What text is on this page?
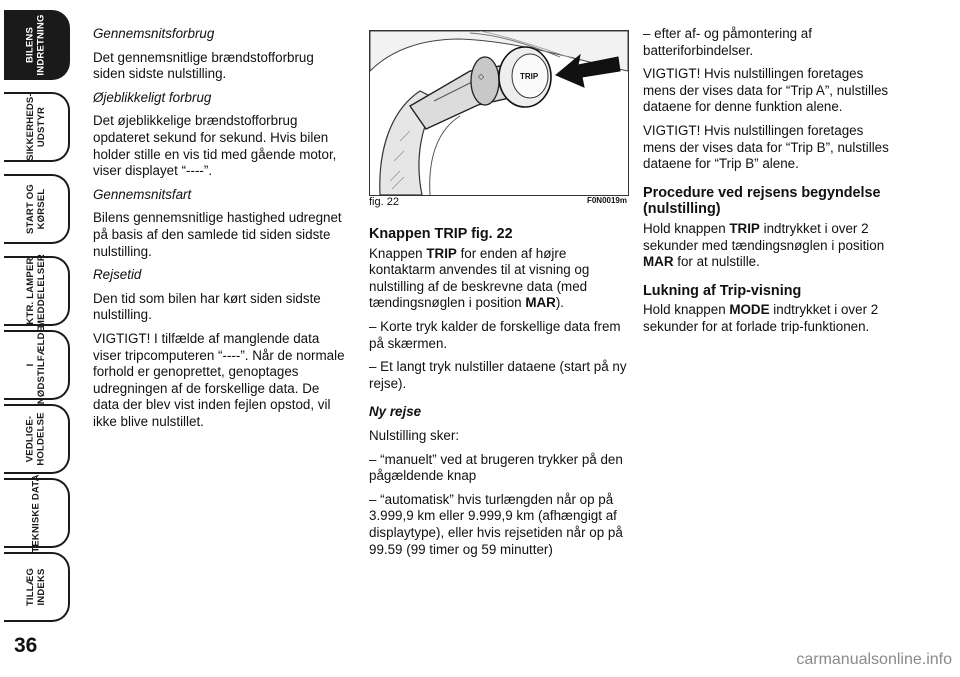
BILENS
INDRETNING
SIKKERHEDS-
UDSTYR
START OG
KØRSEL
KTR. LAMPER
MEDDELELSER
I
NØDSTILFÆLDE
VEDLIGE-
HOLDELSE
TEKNISKE DATA
TILLÆG
INDEKS
36

Gennemsnitsforbrug

Det gennemsnitlige brændstofforbrug siden sidste nulstilling.

Øjeblikkeligt forbrug

Det øjeblikkelige brændstofforbrug opdateret sekund for sekund. Hvis bilen holder stille en vis tid med gående motor, viser displayet “----”.

Gennemsnitsfart

Bilens gennemsnitlige hastighed udregnet på basis af den samlede tid siden sidste nulstilling.

Rejsetid

Den tid som bilen har kørt siden sidste nulstilling.

VIGTIGT! I tilfælde af manglende data viser tripcomputeren “----”. Når de normale forhold er genoprettet, genoptages udregningen af de forskellige data. De data der blev vist inden fejlen opstod, vil ikke blive nulstillet.

◇	TRIP
fig. 22	F0N0019m

Knappen TRIP fig. 22

Knappen TRIP for enden af højre kontaktarm anvendes til at visning og nulstilling af de beskrevne data (med tændingsnøglen i position MAR).

– Korte tryk kalder de forskellige data frem på skærmen.

– Et langt tryk nulstiller dataene (start på ny rejse).

Ny rejse

Nulstilling sker:

– “manuelt” ved at brugeren trykker på den pågældende knap

– “automatisk” hvis turlængden når op på 3.999,9 km eller 9.999,9 km (afhængigt af displaytype), eller hvis rejsetiden når op på 99.59 (99 timer og 59 minutter)

– efter af- og påmontering af batteriforbindelser.

VIGTIGT! Hvis nulstillingen foretages mens der vises data for “Trip A”, nulstilles dataene for denne funktion alene.

VIGTIGT! Hvis nulstillingen foretages mens der vises data for “Trip B”, nulstilles dataene for “Trip B” alene.

Procedure ved rejsens begyndelse (nulstilling)

Hold knappen TRIP indtrykket i over 2 sekunder med tændingsnøglen i position MAR for at nulstille.

Lukning af Trip-visning

Hold knappen MODE indtrykket i over 2 sekunder for at forlade trip-funktionen.

carmanualsonline.info
